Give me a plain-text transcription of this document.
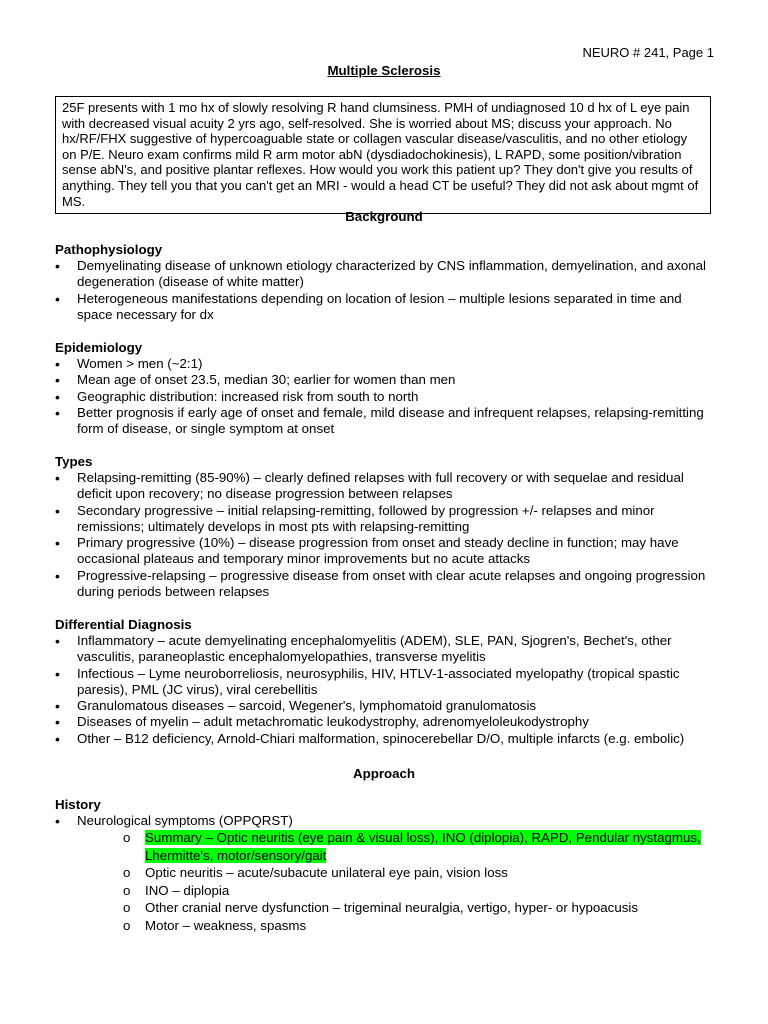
NEURO # 241, Page 1
Multiple Sclerosis
25F presents with 1 mo hx of slowly resolving R hand clumsiness. PMH of undiagnosed 10 d hx of L eye pain with decreased visual acuity 2 yrs ago, self-resolved. She is worried about MS; discuss your approach. No hx/RF/FHX suggestive of hypercoaguable state or collagen vascular disease/vasculitis, and no other etiology on P/E. Neuro exam confirms mild R arm motor abN (dysdiadochokinesis), L RAPD, some position/vibration sense abN's, and positive plantar reflexes. How would you work this patient up? They don't give you results of anything. They tell you that you can't get an MRI - would a head CT be useful? They did not ask about mgmt of MS.
Background
Pathophysiology
• Demyelinating disease of unknown etiology characterized by CNS inflammation, demyelination, and axonal degeneration (disease of white matter)
• Heterogeneous manifestations depending on location of lesion – multiple lesions separated in time and space necessary for dx
Epidemiology
• Women > men (~2:1)
• Mean age of onset 23.5, median 30; earlier for women than men
• Geographic distribution: increased risk from south to north
• Better prognosis if early age of onset and female, mild disease and infrequent relapses, relapsing-remitting form of disease, or single symptom at onset
Types
• Relapsing-remitting (85-90%) – clearly defined relapses with full recovery or with sequelae and residual deficit upon recovery; no disease progression between relapses
• Secondary progressive – initial relapsing-remitting, followed by progression +/- relapses and minor remissions; ultimately develops in most pts with relapsing-remitting
• Primary progressive (10%) – disease progression from onset and steady decline in function; may have occasional plateaus and temporary minor improvements but no acute attacks
• Progressive-relapsing – progressive disease from onset with clear acute relapses and ongoing progression during periods between relapses
Differential Diagnosis
• Inflammatory – acute demyelinating encephalomyelitis (ADEM), SLE, PAN, Sjogren's, Bechet's, other vasculitis, paraneoplastic encephalomyelopathies, transverse myelitis
• Infectious – Lyme neuroborreliosis, neurosyphilis, HIV, HTLV-1-associated myelopathy (tropical spastic paresis), PML (JC virus), viral cerebellitis
• Granulomatous diseases – sarcoid, Wegener's, lymphomatoid granulomatosis
• Diseases of myelin – adult metachromatic leukodystrophy, adrenomyeloleukodystrophy
• Other – B12 deficiency, Arnold-Chiari malformation, spinocerebellar D/O, multiple infarcts (e.g. embolic)
Approach
History
• Neurological symptoms (OPPQRST)
o Summary – Optic neuritis (eye pain & visual loss), INO (diplopia), RAPD, Pendular nystagmus, Lhermitte's, motor/sensory/gait
o Optic neuritis – acute/subacute unilateral eye pain, vision loss
o INO – diplopia
o Other cranial nerve dysfunction – trigeminal neuralgia, vertigo, hyper- or hypoacusis
o Motor – weakness, spasms
